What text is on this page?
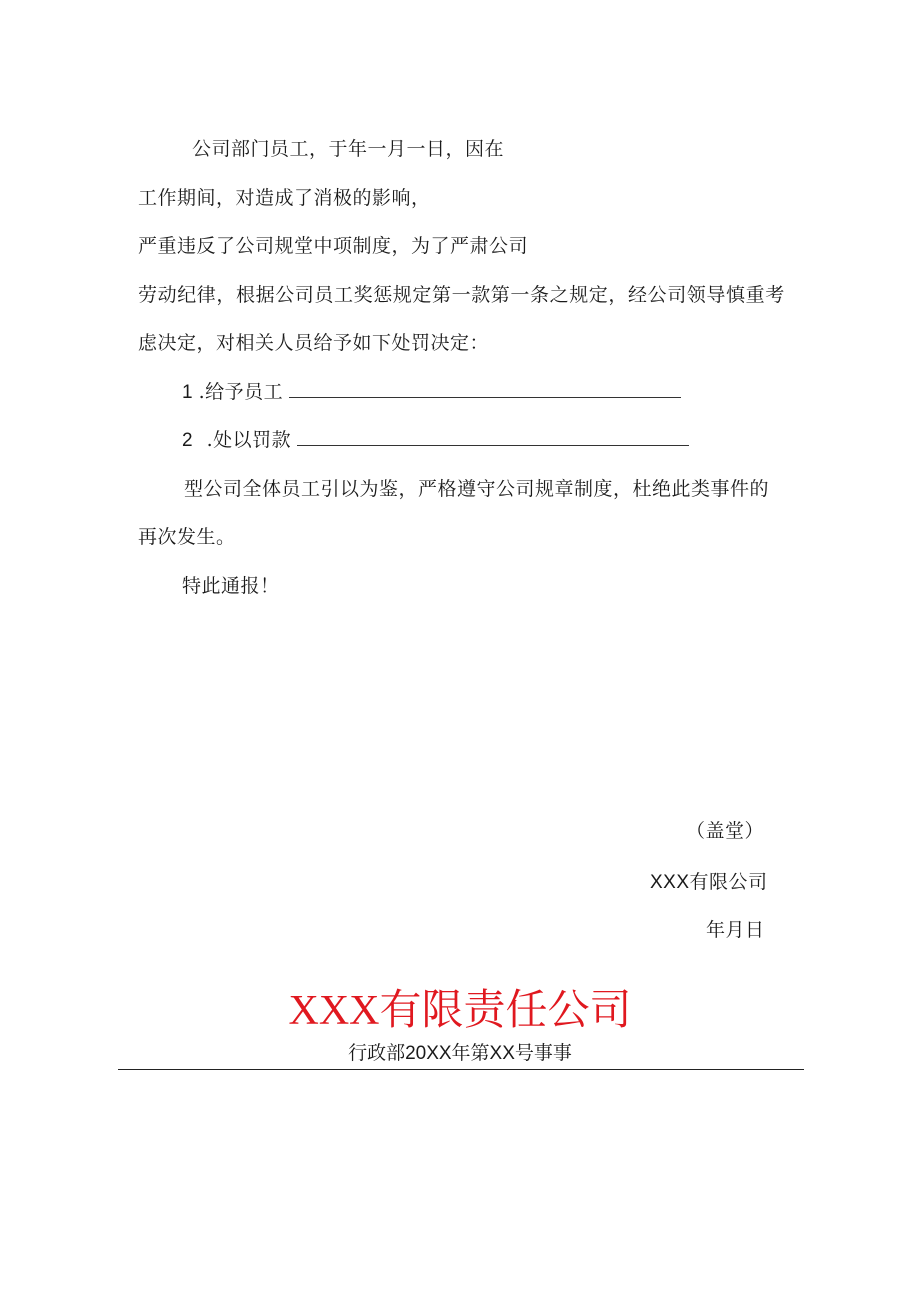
公司部门员工，于年一月一日，因在
工作期间，对造成了消极的影响，
严重违反了公司规堂中项制度，为了严肃公司
劳动纪律，根据公司员工奖惩规定第一款第一条之规定，经公司领导慎重考
虑决定，对相关人员给予如下处罚决定：
1.给予员工
2.处以罚款
型公司全体员工引以为鉴，严格遵守公司规章制度，杜绝此类事件的
再次发生。
特此通报！
（盖堂）
XXX有限公司
年月日
XXX有限责任公司
行政部20XX年第XX号事事
